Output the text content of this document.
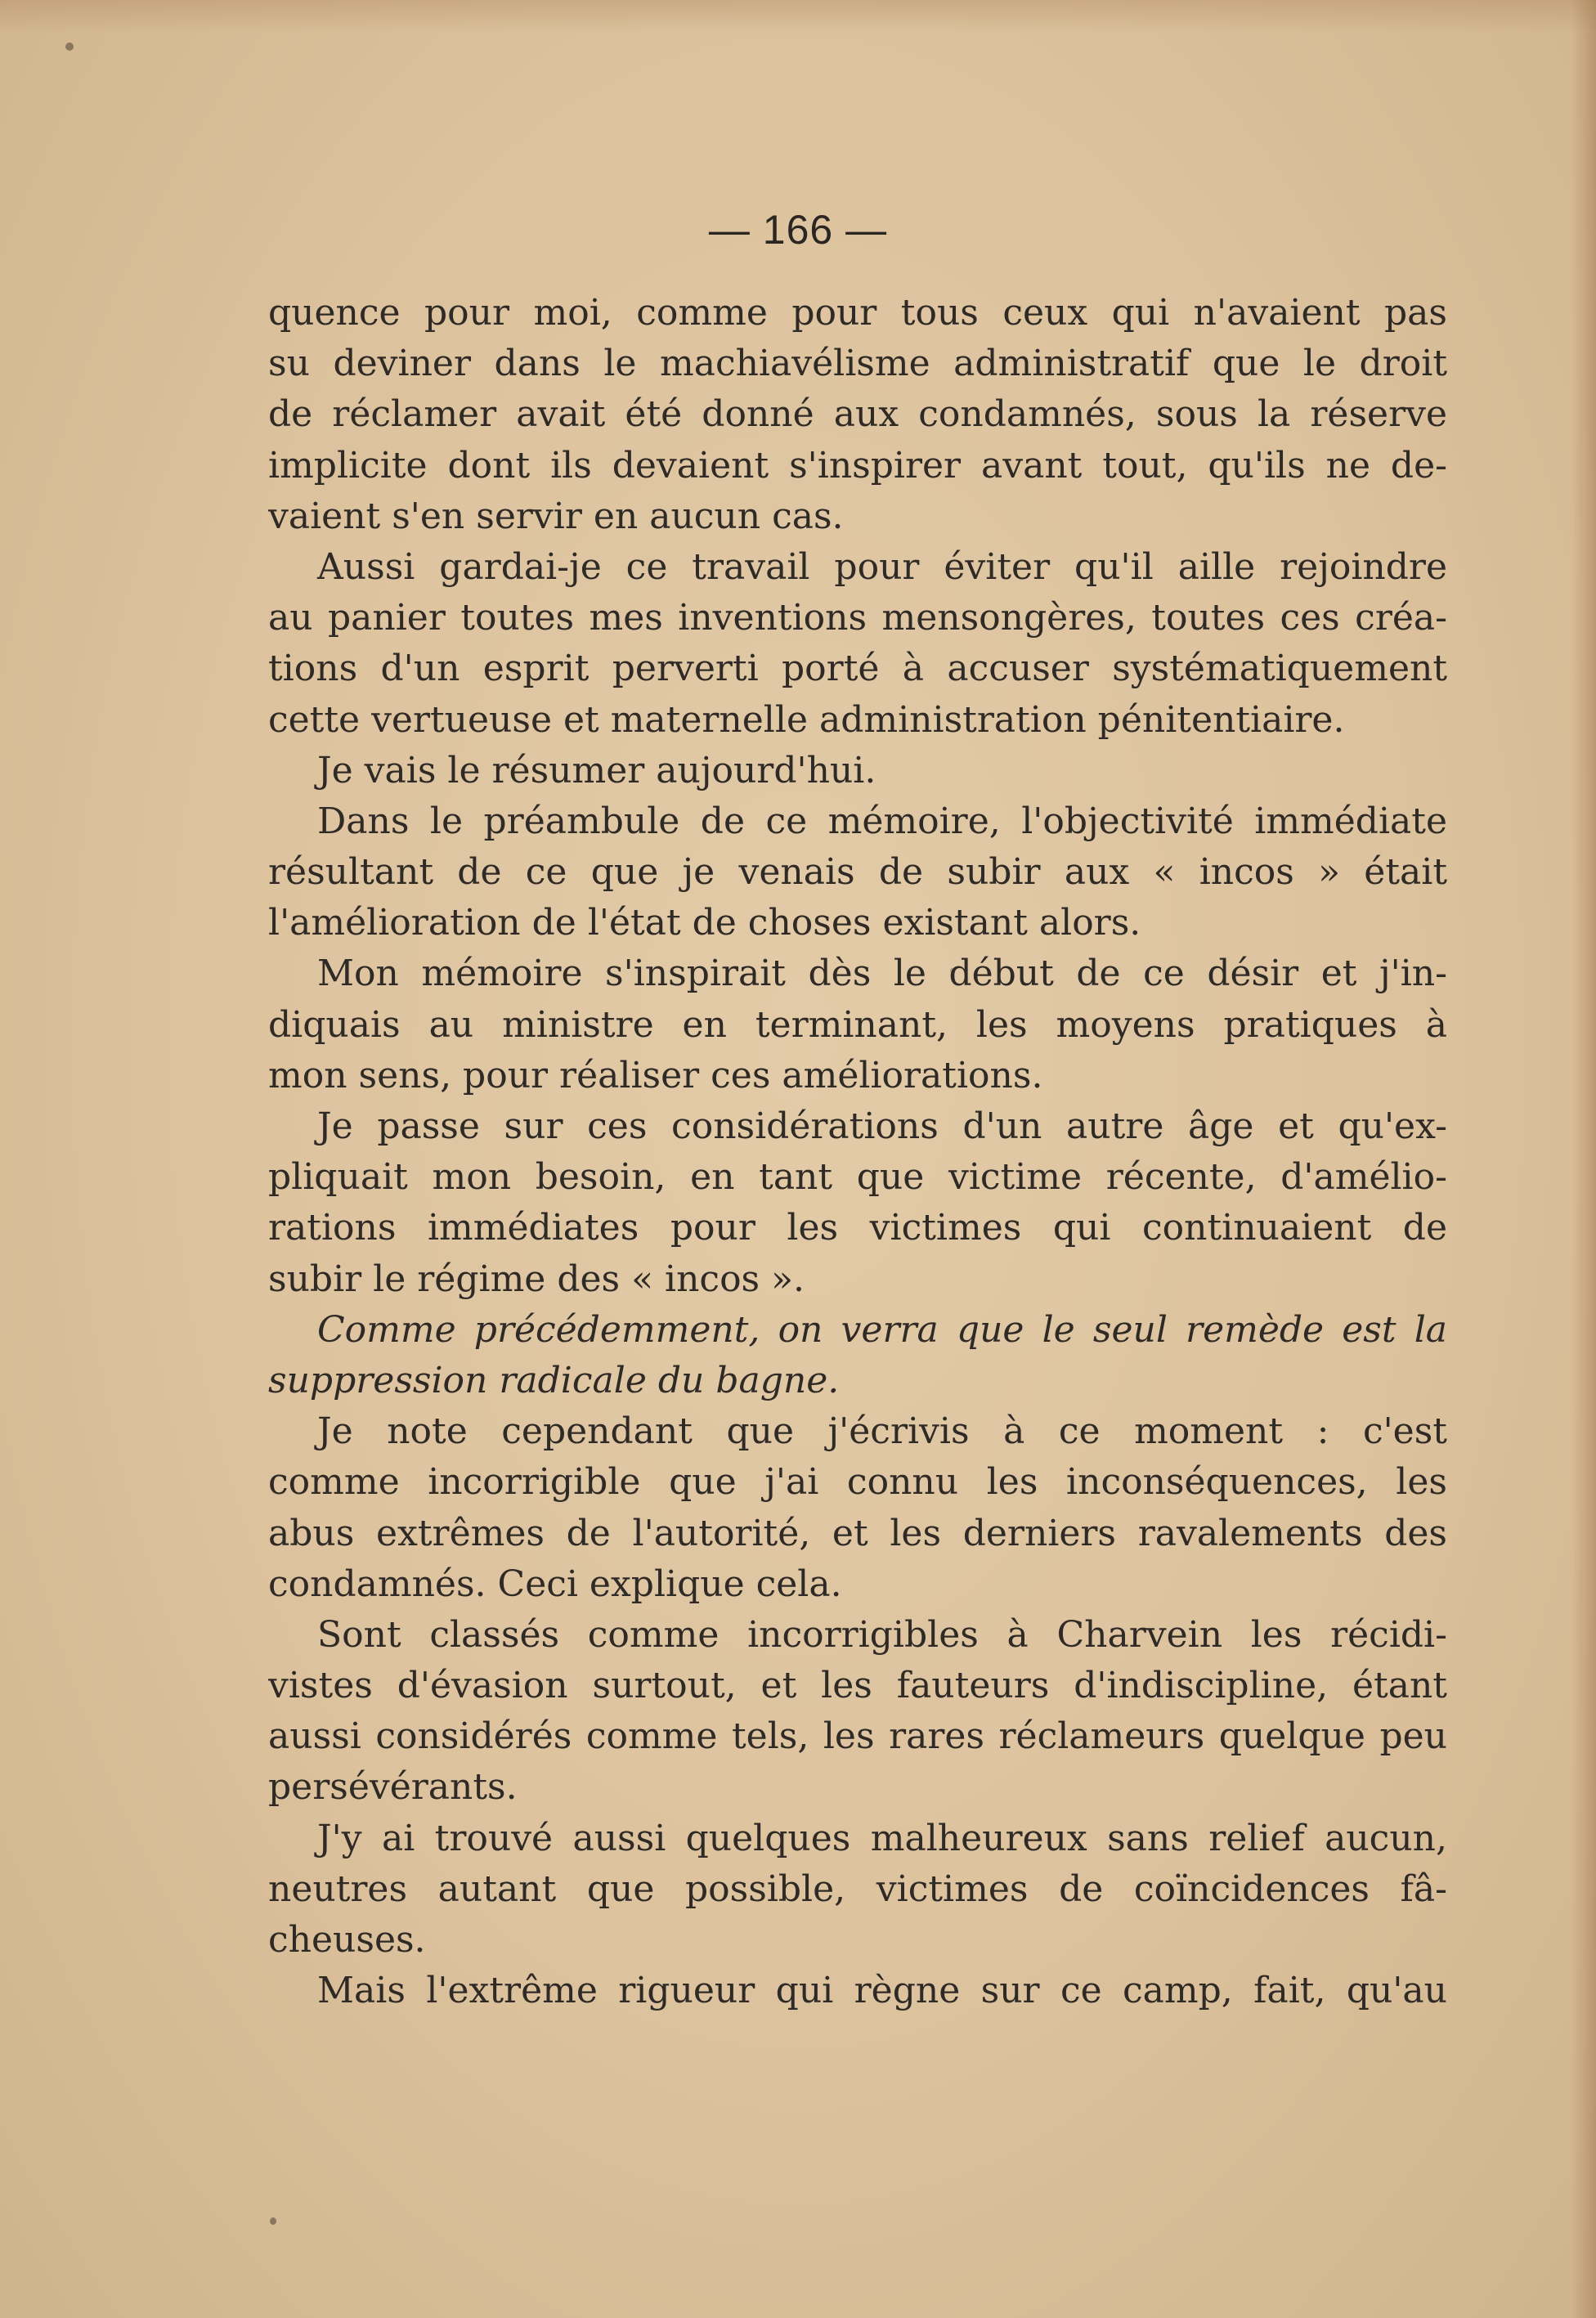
— 166 —
quence pour moi, comme pour tous ceux qui n'avaient pas
su deviner dans le machiavélisme administratif que le droit
de réclamer avait été donné aux condamnés, sous la réserve
implicite dont ils devaient s'inspirer avant tout, qu'ils ne de-
vaient s'en servir en aucun cas.
Aussi gardai-je ce travail pour éviter qu'il aille rejoindre
au panier toutes mes inventions mensongères, toutes ces créa-
tions d'un esprit perverti porté à accuser systématiquement
cette vertueuse et maternelle administration pénitentiaire.
Je vais le résumer aujourd'hui.
Dans le préambule de ce mémoire, l'objectivité immédiate
résultant de ce que je venais de subir aux « incos » était
l'amélioration de l'état de choses existant alors.
Mon mémoire s'inspirait dès le début de ce désir et j'in-
diquais au ministre en terminant, les moyens pratiques à
mon sens, pour réaliser ces améliorations.
Je passe sur ces considérations d'un autre âge et qu'ex-
pliquait mon besoin, en tant que victime récente, d'amélio-
rations immédiates pour les victimes qui continuaient de
subir le régime des « incos ».
Comme précédemment, on verra que le seul remède est la
suppression radicale du bagne.
Je note cependant que j'écrivis à ce moment : c'est
comme incorrigible que j'ai connu les inconséquences, les
abus extrêmes de l'autorité, et les derniers ravalements des
condamnés. Ceci explique cela.
Sont classés comme incorrigibles à Charvein les récidi-
vistes d'évasion surtout, et les fauteurs d'indiscipline, étant
aussi considérés comme tels, les rares réclameurs quelque peu
persévérants.
J'y ai trouvé aussi quelques malheureux sans relief aucun,
neutres autant que possible, victimes de coïncidences fâ-
cheuses.
Mais l'extrême rigueur qui règne sur ce camp, fait, qu'au
